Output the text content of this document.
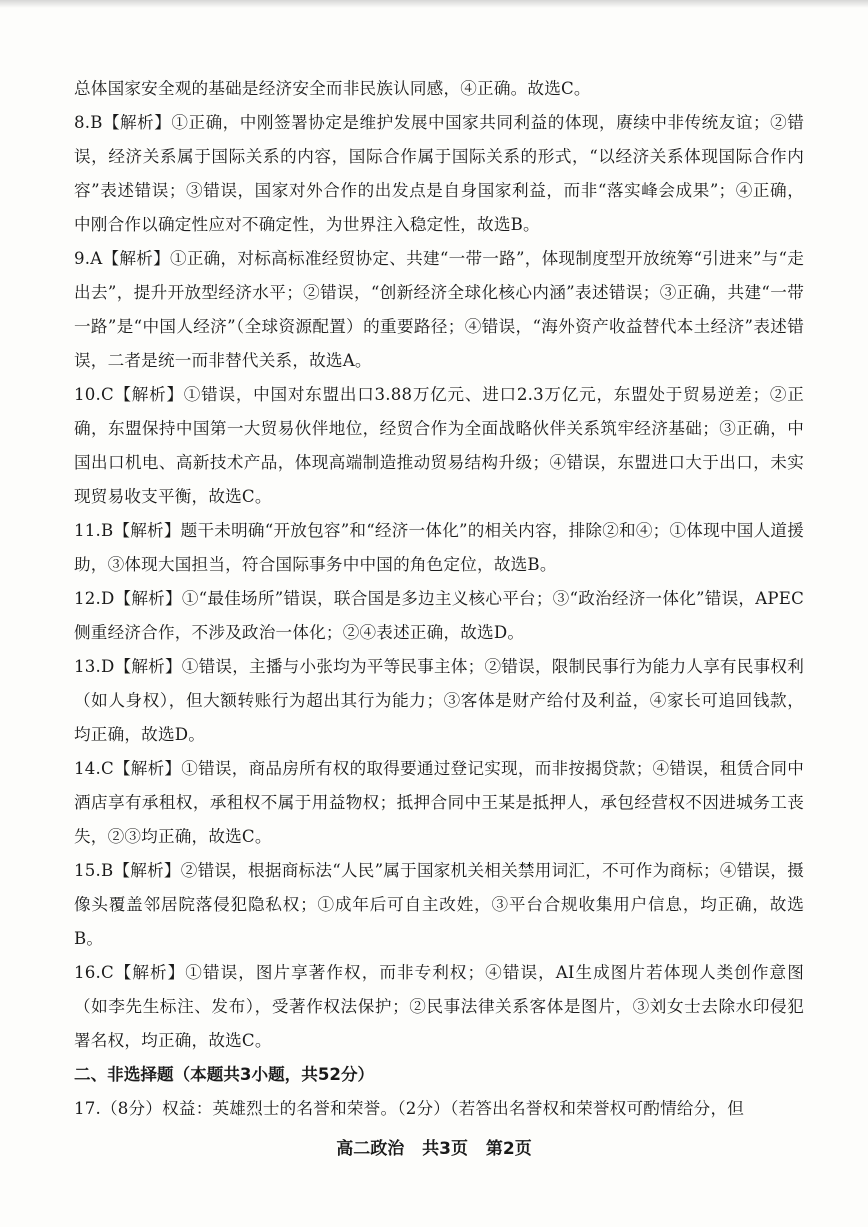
总体国家安全观的基础是经济安全而非民族认同感，④正确。故选C。

8.B【解析】①正确，中刚签署协定是维护发展中国家共同利益的体现，赓续中非传统友谊；②错误，经济关系属于国际关系的内容，国际合作属于国际关系的形式，“以经济关系体现国际合作内容”表述错误；③错误，国家对外合作的出发点是自身国家利益，而非“落实峰会成果”；④正确，中刚合作以确定性应对不确定性，为世界注入稳定性，故选B。

9.A【解析】①正确，对标高标准经贸协定、共建“一带一路”，体现制度型开放统筹“引进来”与“走出去”，提升开放型经济水平；②错误，“创新经济全球化核心内涵”表述错误；③正确，共建“一带一路”是“中国人经济”（全球资源配置）的重要路径；④错误，“海外资产收益替代本土经济”表述错误，二者是统一而非替代关系，故选A。

10.C【解析】①错误，中国对东盟出口3.88万亿元、进口2.3万亿元，东盟处于贸易逆差；②正确，东盟保持中国第一大贸易伙伴地位，经贸合作为全面战略伙伴关系筑牢经济基础；③正确，中国出口机电、高新技术产品，体现高端制造推动贸易结构升级；④错误，东盟进口大于出口，未实现贸易收支平衡，故选C。

11.B【解析】题干未明确“开放包容”和“经济一体化”的相关内容，排除②和④；①体现中国人道援助，③体现大国担当，符合国际事务中中国的角色定位，故选B。

12.D【解析】①“最佳场所”错误，联合国是多边主义核心平台；③“政治经济一体化”错误，APEC侧重经济合作，不涉及政治一体化；②④表述正确，故选D。

13.D【解析】①错误，主播与小张均为平等民事主体；②错误，限制民事行为能力人享有民事权利（如人身权），但大额转账行为超出其行为能力；③客体是财产给付及利益，④家长可追回钱款，均正确，故选D。

14.C【解析】①错误，商品房所有权的取得要通过登记实现，而非按揭贷款；④错误，租赁合同中酒店享有承租权，承租权不属于用益物权；抵押合同中王某是抵押人，承包经营权不因进城务工丧失，②③均正确，故选C。

15.B【解析】②错误，根据商标法“人民”属于国家机关相关禁用词汇，不可作为商标；④错误，摄像头覆盖邻居院落侵犯隐私权；①成年后可自主改姓，③平台合规收集用户信息，均正确，故选B。

16.C【解析】①错误，图片享著作权，而非专利权；④错误，AI生成图片若体现人类创作意图（如李先生标注、发布），受著作权法保护；②民事法律关系客体是图片，③刘女士去除水印侵犯署名权，均正确，故选C。

二、非选择题（本题共3小题，共52分）

17.（8分）权益：英雄烈士的名誉和荣誉。（2分）（若答出名誉权和荣誉权可酌情给分，但

高二政治 共3页 第2页
